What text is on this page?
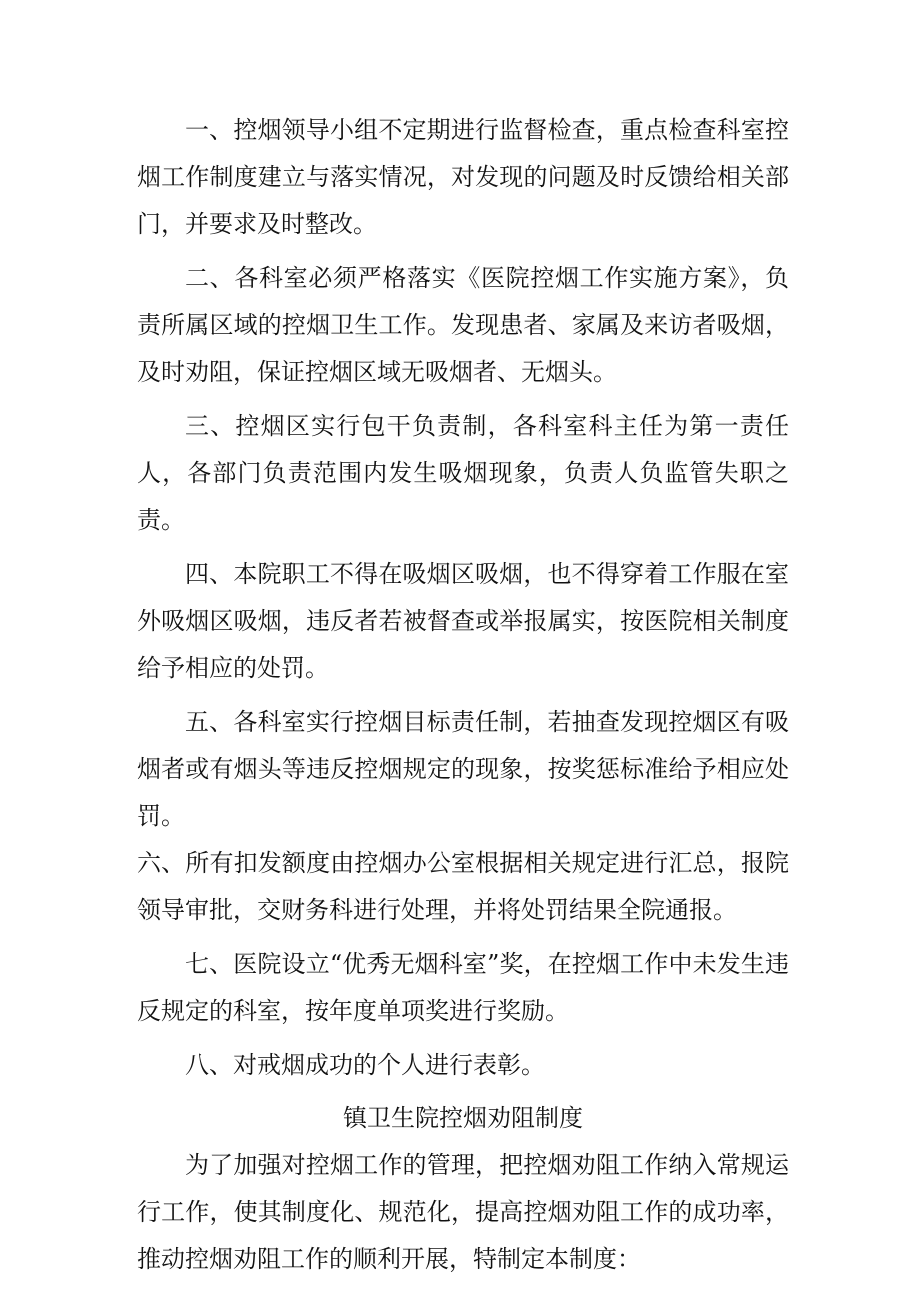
一、控烟领导小组不定期进行监督检查，重点检查科室控烟工作制度建立与落实情况，对发现的问题及时反馈给相关部门，并要求及时整改。

二、各科室必须严格落实《医院控烟工作实施方案》，负责所属区域的控烟卫生工作。发现患者、家属及来访者吸烟，及时劝阻，保证控烟区域无吸烟者、无烟头。

三、控烟区实行包干负责制，各科室科主任为第一责任人，各部门负责范围内发生吸烟现象，负责人负监管失职之责。

四、本院职工不得在吸烟区吸烟，也不得穿着工作服在室外吸烟区吸烟，违反者若被督查或举报属实，按医院相关制度给予相应的处罚。

五、各科室实行控烟目标责任制，若抽查发现控烟区有吸烟者或有烟头等违反控烟规定的现象，按奖惩标准给予相应处罚。

六、所有扣发额度由控烟办公室根据相关规定进行汇总，报院领导审批，交财务科进行处理，并将处罚结果全院通报。

七、医院设立“优秀无烟科室”奖，在控烟工作中未发生违反规定的科室，按年度单项奖进行奖励。

八、对戒烟成功的个人进行表彰。

镇卫生院控烟劝阻制度

为了加强对控烟工作的管理，把控烟劝阻工作纳入常规运行工作，使其制度化、规范化，提高控烟劝阻工作的成功率，推动控烟劝阻工作的顺利开展，特制定本制度：
